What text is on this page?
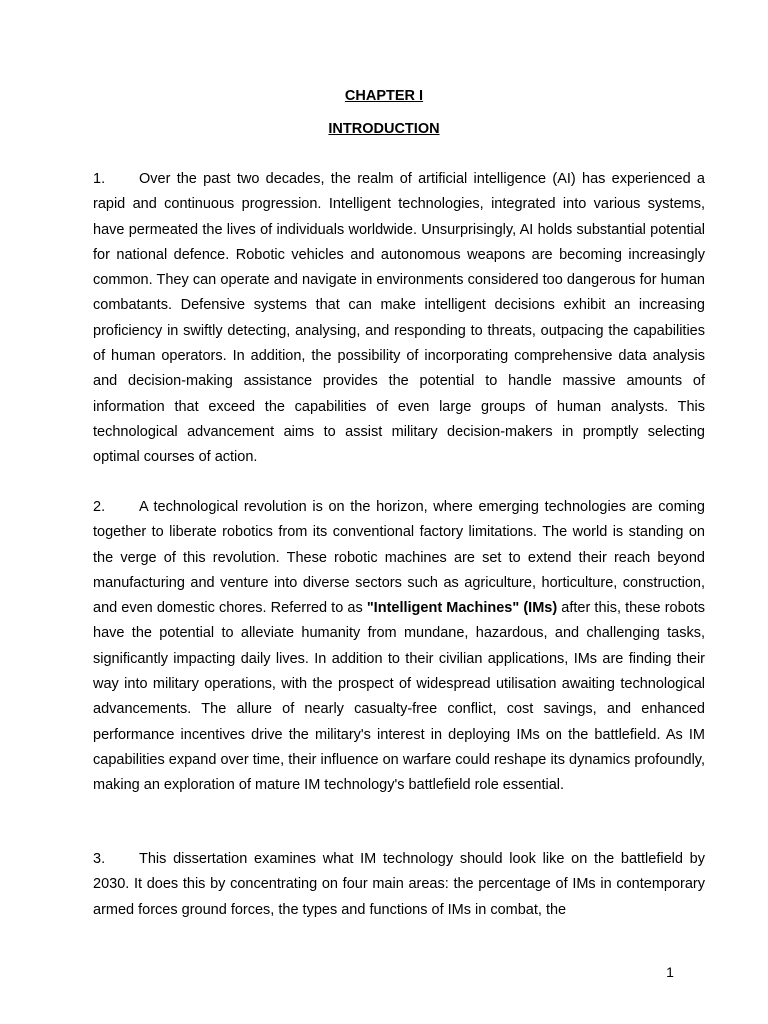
CHAPTER I
INTRODUCTION

1. Over the past two decades, the realm of artificial intelligence (AI) has experienced a rapid and continuous progression. Intelligent technologies, integrated into various systems, have permeated the lives of individuals worldwide. Unsurprisingly, AI holds substantial potential for national defence. Robotic vehicles and autonomous weapons are becoming increasingly common. They can operate and navigate in environments considered too dangerous for human combatants. Defensive systems that can make intelligent decisions exhibit an increasing proficiency in swiftly detecting, analysing, and responding to threats, outpacing the capabilities of human operators. In addition, the possibility of incorporating comprehensive data analysis and decision-making assistance provides the potential to handle massive amounts of information that exceed the capabilities of even large groups of human analysts. This technological advancement aims to assist military decision-makers in promptly selecting optimal courses of action.

2. A technological revolution is on the horizon, where emerging technologies are coming together to liberate robotics from its conventional factory limitations. The world is standing on the verge of this revolution. These robotic machines are set to extend their reach beyond manufacturing and venture into diverse sectors such as agriculture, horticulture, construction, and even domestic chores. Referred to as "Intelligent Machines" (IMs) after this, these robots have the potential to alleviate humanity from mundane, hazardous, and challenging tasks, significantly impacting daily lives. In addition to their civilian applications, IMs are finding their way into military operations, with the prospect of widespread utilisation awaiting technological advancements. The allure of nearly casualty-free conflict, cost savings, and enhanced performance incentives drive the military's interest in deploying IMs on the battlefield. As IM capabilities expand over time, their influence on warfare could reshape its dynamics profoundly, making an exploration of mature IM technology's battlefield role essential.

3. This dissertation examines what IM technology should look like on the battlefield by 2030. It does this by concentrating on four main areas: the percentage of IMs in contemporary armed forces ground forces, the types and functions of IMs in combat, the

1
